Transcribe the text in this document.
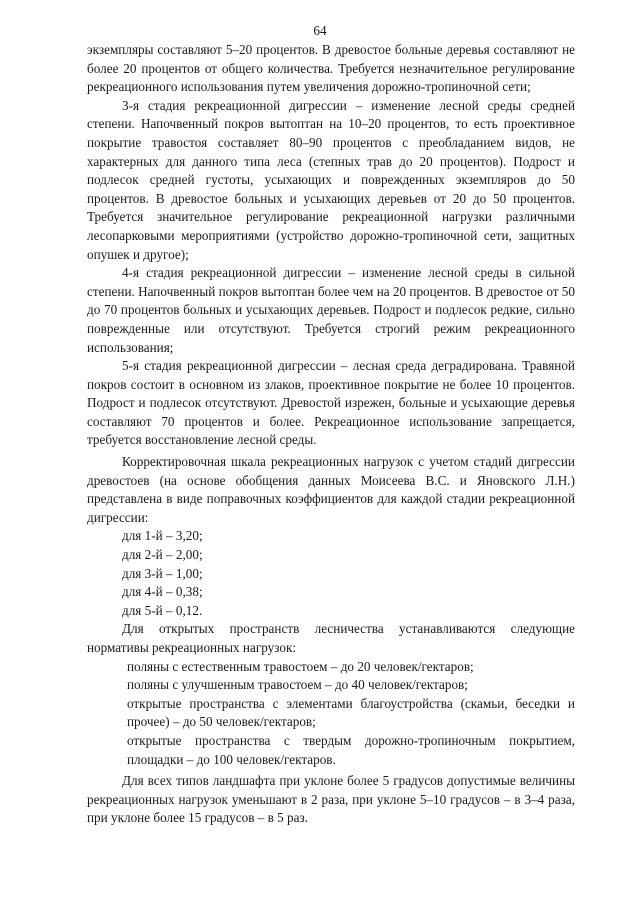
64

экземпляры составляют 5–20 процентов. В древостое больные деревья составляют не более 20 процентов от общего количества. Требуется незначительное регулирование рекреационного использования путем увеличения дорожно-тропиночной сети;

3-я стадия рекреационной дигрессии – изменение лесной среды средней степени. Напочвенный покров вытоптан на 10–20 процентов, то есть проективное покрытие травостоя составляет 80–90 процентов с преобладанием видов, не характерных для данного типа леса (степных трав до 20 процентов). Подрост и подлесок средней густоты, усыхающих и поврежденных экземпляров до 50 процентов. В древостое больных и усыхающих деревьев от 20 до 50 процентов. Требуется значительное регулирование рекреационной нагрузки различными лесопарковыми мероприятиями (устройство дорожно-тропиночной сети, защитных опушек и другое);

4-я стадия рекреационной дигрессии – изменение лесной среды в сильной степени. Напочвенный покров вытоптан более чем на 20 процентов. В древостое от 50 до 70 процентов больных и усыхающих деревьев. Подрост и подлесок редкие, сильно поврежденные или отсутствуют. Требуется строгий режим рекреационного использования;

5-я стадия рекреационной дигрессии – лесная среда деградирована. Травяной покров состоит в основном из злаков, проективное покрытие не более 10 процентов. Подрост и подлесок отсутствуют. Древостой изрежен, больные и усыхающие деревья составляют 70 процентов и более. Рекреационное использование запрещается, требуется восстановление лесной среды.

Корректировочная шкала рекреационных нагрузок с учетом стадий дигрессии древостоев (на основе обобщения данных Моисеева В.С. и Яновского Л.Н.) представлена в виде поправочных коэффициентов для каждой стадии рекреационной дигрессии:

для 1-й – 3,20;
для 2-й – 2,00;
для 3-й – 1,00;
для 4-й – 0,38;
для 5-й – 0,12.

Для открытых пространств лесничества устанавливаются следующие нормативы рекреационных нагрузок:

поляны с естественным травостоем – до 20 человек/гектаров;

поляны с улучшенным травостоем – до 40 человек/гектаров;

открытые пространства с элементами благоустройства (скамьи, беседки и прочее) – до 50 человек/гектаров;

открытые пространства с твердым дорожно-тропиночным покрытием, площадки – до 100 человек/гектаров.

Для всех типов ландшафта при уклоне более 5 градусов допустимые величины рекреационных нагрузок уменьшают в 2 раза, при уклоне 5–10 градусов – в 3–4 раза, при уклоне более 15 градусов – в 5 раз.
